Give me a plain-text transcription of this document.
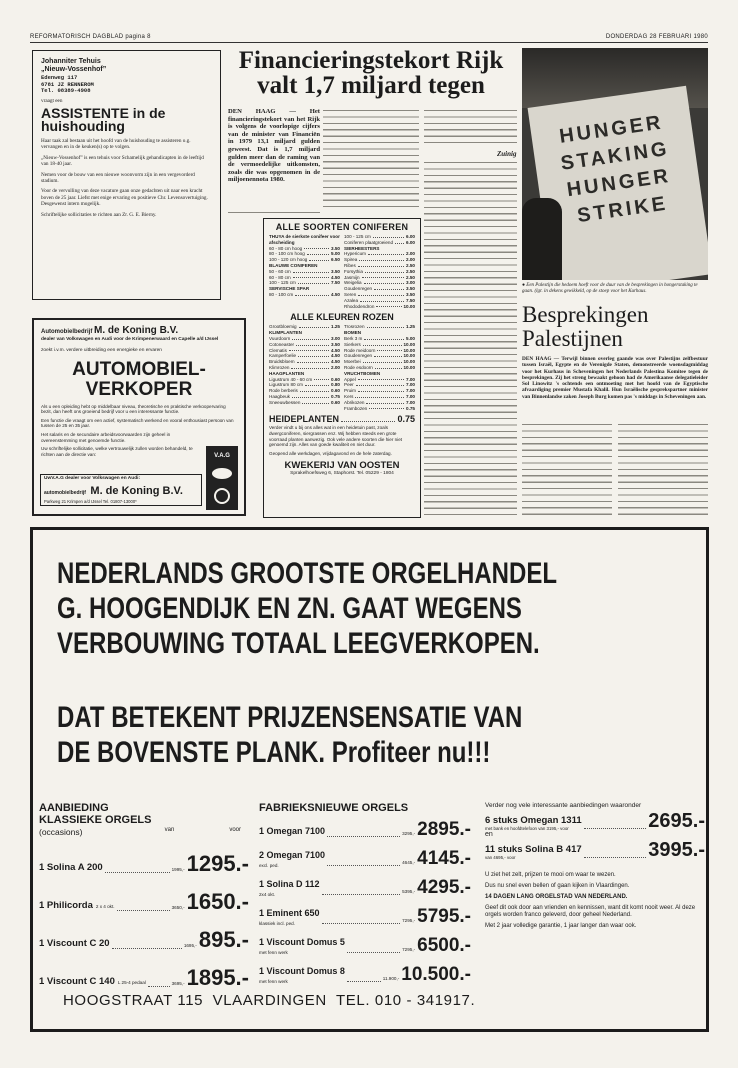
REFORMATORISCH DAGBLAD pagina 8	DONDERDAG 28 FEBRUARI 1980
Johanniter Tehuis
„Nieuw-Vossenhof”
Edenweg 117
6781 JZ RENNEROM
Tel. 08389-4908
vraagt een
ASSISTENTE in de huishouding
Haar taak zal bestaan uit het hoofd van de huishouding te assisteren o.g. vervangen en in de keuken(s) op te volgen.
„Nieuw-Vossenhof” is een tehuis voor Schamelijk gehandicapten in de leeftijd van 18-40 jaar.
Nemen voor de bouw van een nieuwe woonvorm zijn in een vergevorderd stadium.
Voor de vervulling van deze vacature gaan onze gedachten uit naar een kracht boven de 25 jaar. Liefst met enige ervaring en positieve Chr. Levensovertuiging. Desgewenst intern mogelijk.
Schriftelijke sollicitaties te richten aan Zr. G. E. Bierny.
Financieringstekort Rijk valt 1,7 miljard tegen
DEN HAAG — Het financieringstekort van het Rijk is volgens de voorlopige cijfers van de minister van Financiën in 1979 13,1 miljard gulden geweest. Dat is 1,7 miljard gulden meer dan de raming van de vermoedelijke uitkomsten, zoals die was opgenomen in de miljoenennota 1980.
Zuinig
ALLE SOORTEN CONIFEREN
THUYA de sierkste conifeer voor afscheiding
60 - 80 cm hoog	3.50
80 - 100 cm hoog	5.00
100 - 120 cm hoog	6.50
BLAUWE CONIFEREN
50 - 60 cm	3.50
60 - 80 cm	4.50
100 - 125 cm	7.50
SERVISCHE SPAR
80 - 100 cm	4.50
100 - 125 cm	6.00
Coniferen plaatgroeiend	6.00
SIERHEESTERS
Hypericum	2.00
Spirea	2.00
Ribes	2.50
Forsythia	2.50
Jasmijn	2.50
Weigelia	3.00
Goudenregen	3.50
Seren	3.50
Azalea	7.50
Rhododendron	10.00
ALLE KLEUREN ROZEN
Grootbloemig	1.25
KLIMPLANTEN
Vuurdoorn	3.00
Cotoneaster	3.50
Clematis	4.50
Kamperfoelie	4.50
Bruidsbloem	4.50
Klimrozen	2.00
HAAGPLANTEN
Ligustrum 40 - 60 cm	0.60
Ligustrum 80 cm	0.80
Rode berberis	0.60
Haagbeuk	0.75
Sneeuwbessen	0.60
Trosrozen	1.25
BOMEN
Berk 3 m	5.00
Sierkers	10.00
Rode meidoorn	10.00
Goudenregen	10.00
Moerbei	10.00
Rode esdoorn	10.00
VRUCHTBOMEN
Appel	7.00
Peer	7.00
Pruim	7.00
Kers	7.00
Abrikozen	7.00
Frambozen	0.75
HEIDEPLANTEN	0.75
Verder vindt u bij ons alles wat in een heidetuin past, zoals dwergconiferen, siergrassen enz. Wij hebben steeds een grote voorraad planten aanwezig. Ook vele andere soorten die hier niet genoemd zijn. Alles van goede kwaliteit en niet duur.
Geopend alle werkdagen, vrijdagavond en de hele zaterdag.
KWEKERIJ VAN OOSTEN
Sprakelhoefsweg 6, Staphorst. Tel. 05229 - 1804
Automobielbedrijf M. de Koning B.V.
dealer van Volkswagen en Audi voor de Krimpenerwaard en Capelle a/d IJssel
zoekt i.v.m. verdere uitbreiding een energieke en ervaren
AUTOMOBIEL-VERKOPER
Als u een opleiding hebt op middelbaar niveau, theoretische en praktische verkoopervaring bezit, dan heeft ons groeiend bedrijf voor u een interessante functie.
Een functie die vraagt om een actief, systematisch werkend en vooral enthousiast persoon van tussen de 25 en 35 jaar.
Het salaris en de secundaire arbeidsvoorwaarden zijn geheel in overeenstemming met genoemde functie.
Uw schriftelijke sollicitatie, welke vertrouwelijk zullen worden behandeld, te richten aan de directie van:	V.A.G
UwV.A.G dealer voor Volkswagen en Audi:
automobielbedrijf M. de Koning B.V.
Parkweg 21 Krimpen a/d IJssel Tel. 01807-13000*
HUNGER
STAKING
HUNGER
STRIKE
● Een Palestijn die hedoem hoeft voor de duur van de besprekingen in hongerstaking te gaan. (lgr. in dekens gewikkeld, op de stoep voor het Kurhaus.
Besprekingen Palestijnen
DEN HAAG — Terwijl binnen overleg gaande was over Palestijns zelfbestuur tussen Israël, Egypte en de Verenigde Staten, demonstreerde woensdagmiddag voor het Kurhaus in Scheveningen het Nederlands Palestina Komitee tegen de besprekingen. Zij het streng bewaakt gehoon had de Amerikaanse delegatieleider Sol Linowitz 's ochtends een ontmoeting met het hoofd van de Egyptische afvaardiging premier Mustafa Khalil. Hun Israëlische gesprekspartner minister van Binnenlandse zaken Joseph Burg komen pas 's middags in Scheveningen aan.
NEDERLANDS GROOTSTE ORGELHANDEL
G. HOOGENDIJK EN ZN. GAAT WEGENS
VERBOUWING TOTAAL LEEGVERKOPEN.
DAT BETEKENT PRIJZENSENSATIE VAN
DE BOVENSTE PLANK. Profiteer nu!!!
AANBIEDING
KLASSIEKE ORGELS
(occasions)	van	voor
1 Solina A 200	1995,- 1295.-
1 Philicorda 2 x 4 okt.	3650,- 1650.-
1 Viscount C 20	1695,- 895.-
1 Viscount C 140 L 25-4 pedaal	3695,- 1895.-
FABRIEKSNIEUWE ORGELS
1 Omegan 7100	3295,- 2895.-
2 Omegan 7100
excl. ped.
4645,- 4145.-
1 Solina D 112
2x4 okt.
5395,- 4295.-
1 Eminent 650
klassiek incl. ped.
7295,- 5795.-
1 Viscount Domus 5
met fenn werk
7295,- 6500.-
1 Viscount Domus 8
met fenn werk
11.900,- 10.500.-
Verder nog vele interessante aanbiedingen waaronder
6 stuks Omegan 1311
met bank en hoofdtelefoon van 3195,- voor	2695.-
en
11 stuks Solina B 417
van 4695,- voor	3995.-
U ziet het zelt, prijzen te mooi om waar te wezen.
Dus nu snel even bellen of gaan kijken in Vlaardingen.
14 DAGEN LANG ORGELSTAD VAN NEDERLAND.
Geef dit ook door aan vrienden en kennissen, want dit komt nooit weer. Al deze orgels worden franco geleverd, door geheel Nederland.
Met 2 jaar volledige garantie, 1 jaar langer dan waar ook.
HOOGSTRAAT 115  VLAARDINGEN  TEL. 010 - 341917.
